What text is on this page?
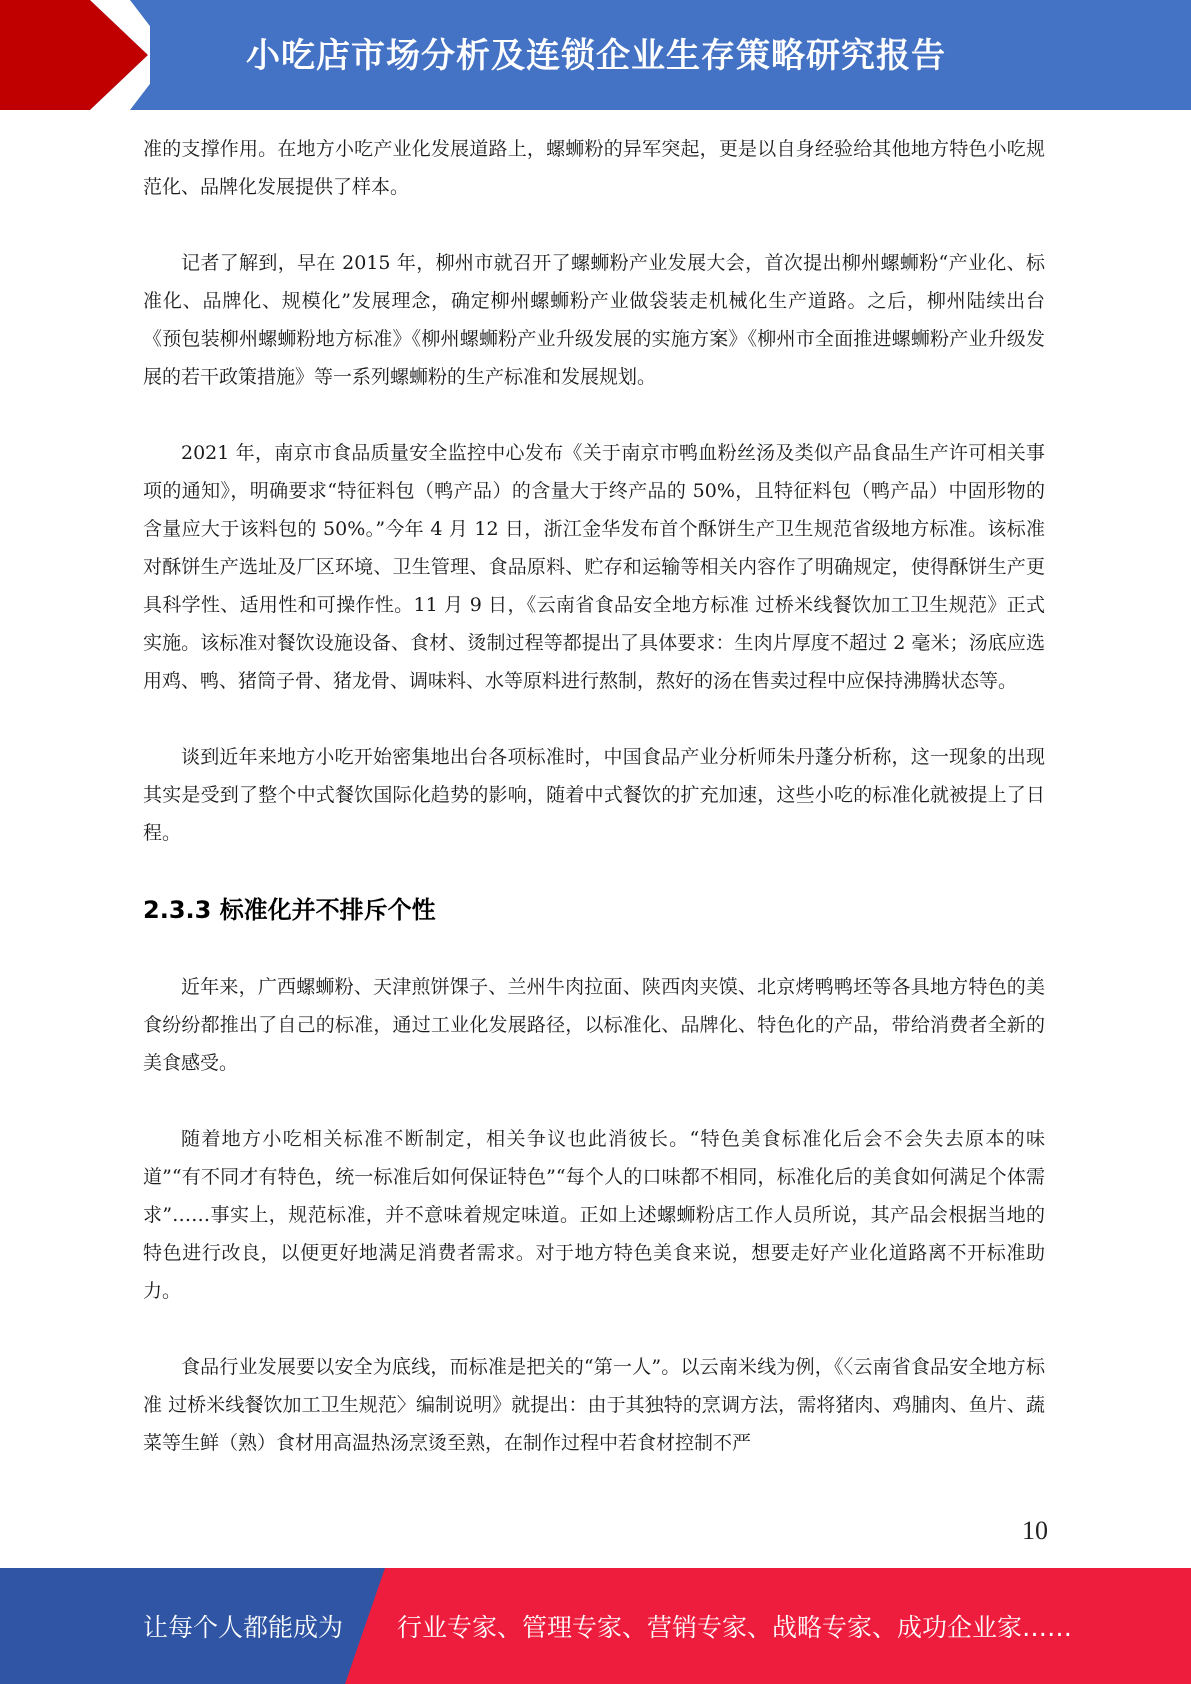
小吃店市场分析及连锁企业生存策略研究报告

准的支撑作用。在地方小吃产业化发展道路上，螺蛳粉的异军突起，更是以自身经验给其他地方特色小吃规范化、品牌化发展提供了样本。

记者了解到，早在 2015 年，柳州市就召开了螺蛳粉产业发展大会，首次提出柳州螺蛳粉“产业化、标准化、品牌化、规模化”发展理念，确定柳州螺蛳粉产业做袋装走机械化生产道路。之后，柳州陆续出台《预包装柳州螺蛳粉地方标准》《柳州螺蛳粉产业升级发展的实施方案》《柳州市全面推进螺蛳粉产业升级发展的若干政策措施》等一系列螺蛳粉的生产标准和发展规划。

2021 年，南京市食品质量安全监控中心发布《关于南京市鸭血粉丝汤及类似产品食品生产许可相关事项的通知》，明确要求“特征料包（鸭产品）的含量大于终产品的 50%，且特征料包（鸭产品）中固形物的含量应大于该料包的 50%。”今年 4 月 12 日，浙江金华发布首个酥饼生产卫生规范省级地方标准。该标准对酥饼生产选址及厂区环境、卫生管理、食品原料、贮存和运输等相关内容作了明确规定，使得酥饼生产更具科学性、适用性和可操作性。11 月 9 日，《云南省食品安全地方标准 过桥米线餐饮加工卫生规范》正式实施。该标准对餐饮设施设备、食材、烫制过程等都提出了具体要求：生肉片厚度不超过 2 毫米；汤底应选用鸡、鸭、猪筒子骨、猪龙骨、调味料、水等原料进行熬制，熬好的汤在售卖过程中应保持沸腾状态等。

谈到近年来地方小吃开始密集地出台各项标准时，中国食品产业分析师朱丹蓬分析称，这一现象的出现其实是受到了整个中式餐饮国际化趋势的影响，随着中式餐饮的扩充加速，这些小吃的标准化就被提上了日程。

2.3.3 标准化并不排斥个性

近年来，广西螺蛳粉、天津煎饼馃子、兰州牛肉拉面、陕西肉夹馍、北京烤鸭鸭坯等各具地方特色的美食纷纷都推出了自己的标准，通过工业化发展路径，以标准化、品牌化、特色化的产品，带给消费者全新的美食感受。

随着地方小吃相关标准不断制定，相关争议也此消彼长。“特色美食标准化后会不会失去原本的味道”“有不同才有特色，统一标准后如何保证特色”“每个人的口味都不相同，标准化后的美食如何满足个体需求”……事实上，规范标准，并不意味着规定味道。正如上述螺蛳粉店工作人员所说，其产品会根据当地的特色进行改良，以便更好地满足消费者需求。对于地方特色美食来说，想要走好产业化道路离不开标准助力。

食品行业发展要以安全为底线，而标准是把关的“第一人”。以云南米线为例，《〈云南省食品安全地方标准 过桥米线餐饮加工卫生规范〉编制说明》就提出：由于其独特的烹调方法，需将猪肉、鸡脯肉、鱼片、蔬菜等生鲜（熟）食材用高温热汤烹烫至熟，在制作过程中若食材控制不严

10
让每个人都能成为 行业专家、管理专家、营销专家、战略专家、成功企业家……
